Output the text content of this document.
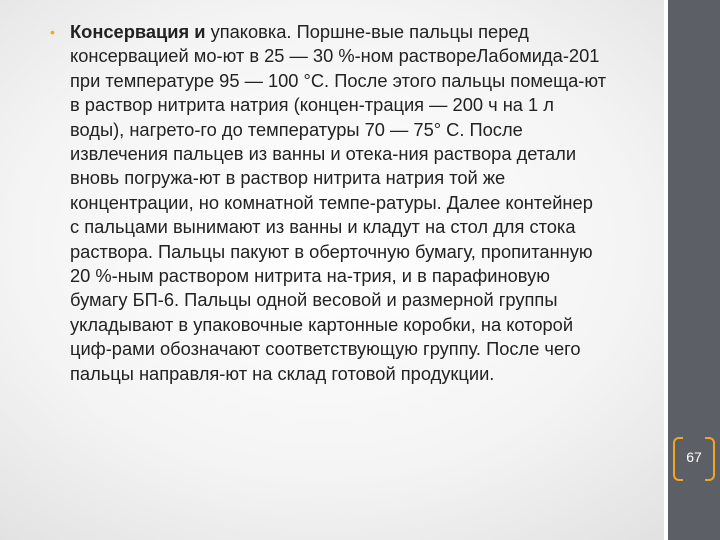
• Консервация и упаковка. Поршне-вые пальцы перед
консервацией мо-ют в 25 — 30 %-ном раствореЛабомида-201
при температуре 95 — 100 °С. После этого пальцы помеща-ют
в раствор нитрита натрия (концен-трация — 200 ч на 1 л
воды), нагрето-го до температуры 70 — 75° С. После
извлечения пальцев из ванны и отека-ния раствора детали
вновь погружа-ют в раствор нитрита натрия той же
концентрации, но комнатной темпе-ратуры. Далее контейнер
с пальцами вынимают из ванны и кладут на стол для стока
раствора. Пальцы пакуют в оберточную бумагу, пропитанную
20 %-ным раствором нитрита на-трия, и в парафиновую
бумагу БП-6. Пальцы одной весовой и размерной группы
укладывают в упаковочные картонные коробки, на которой
циф-рами обозначают соответствующую группу. После чего
пальцы направля-ют на склад готовой продукции.
67
